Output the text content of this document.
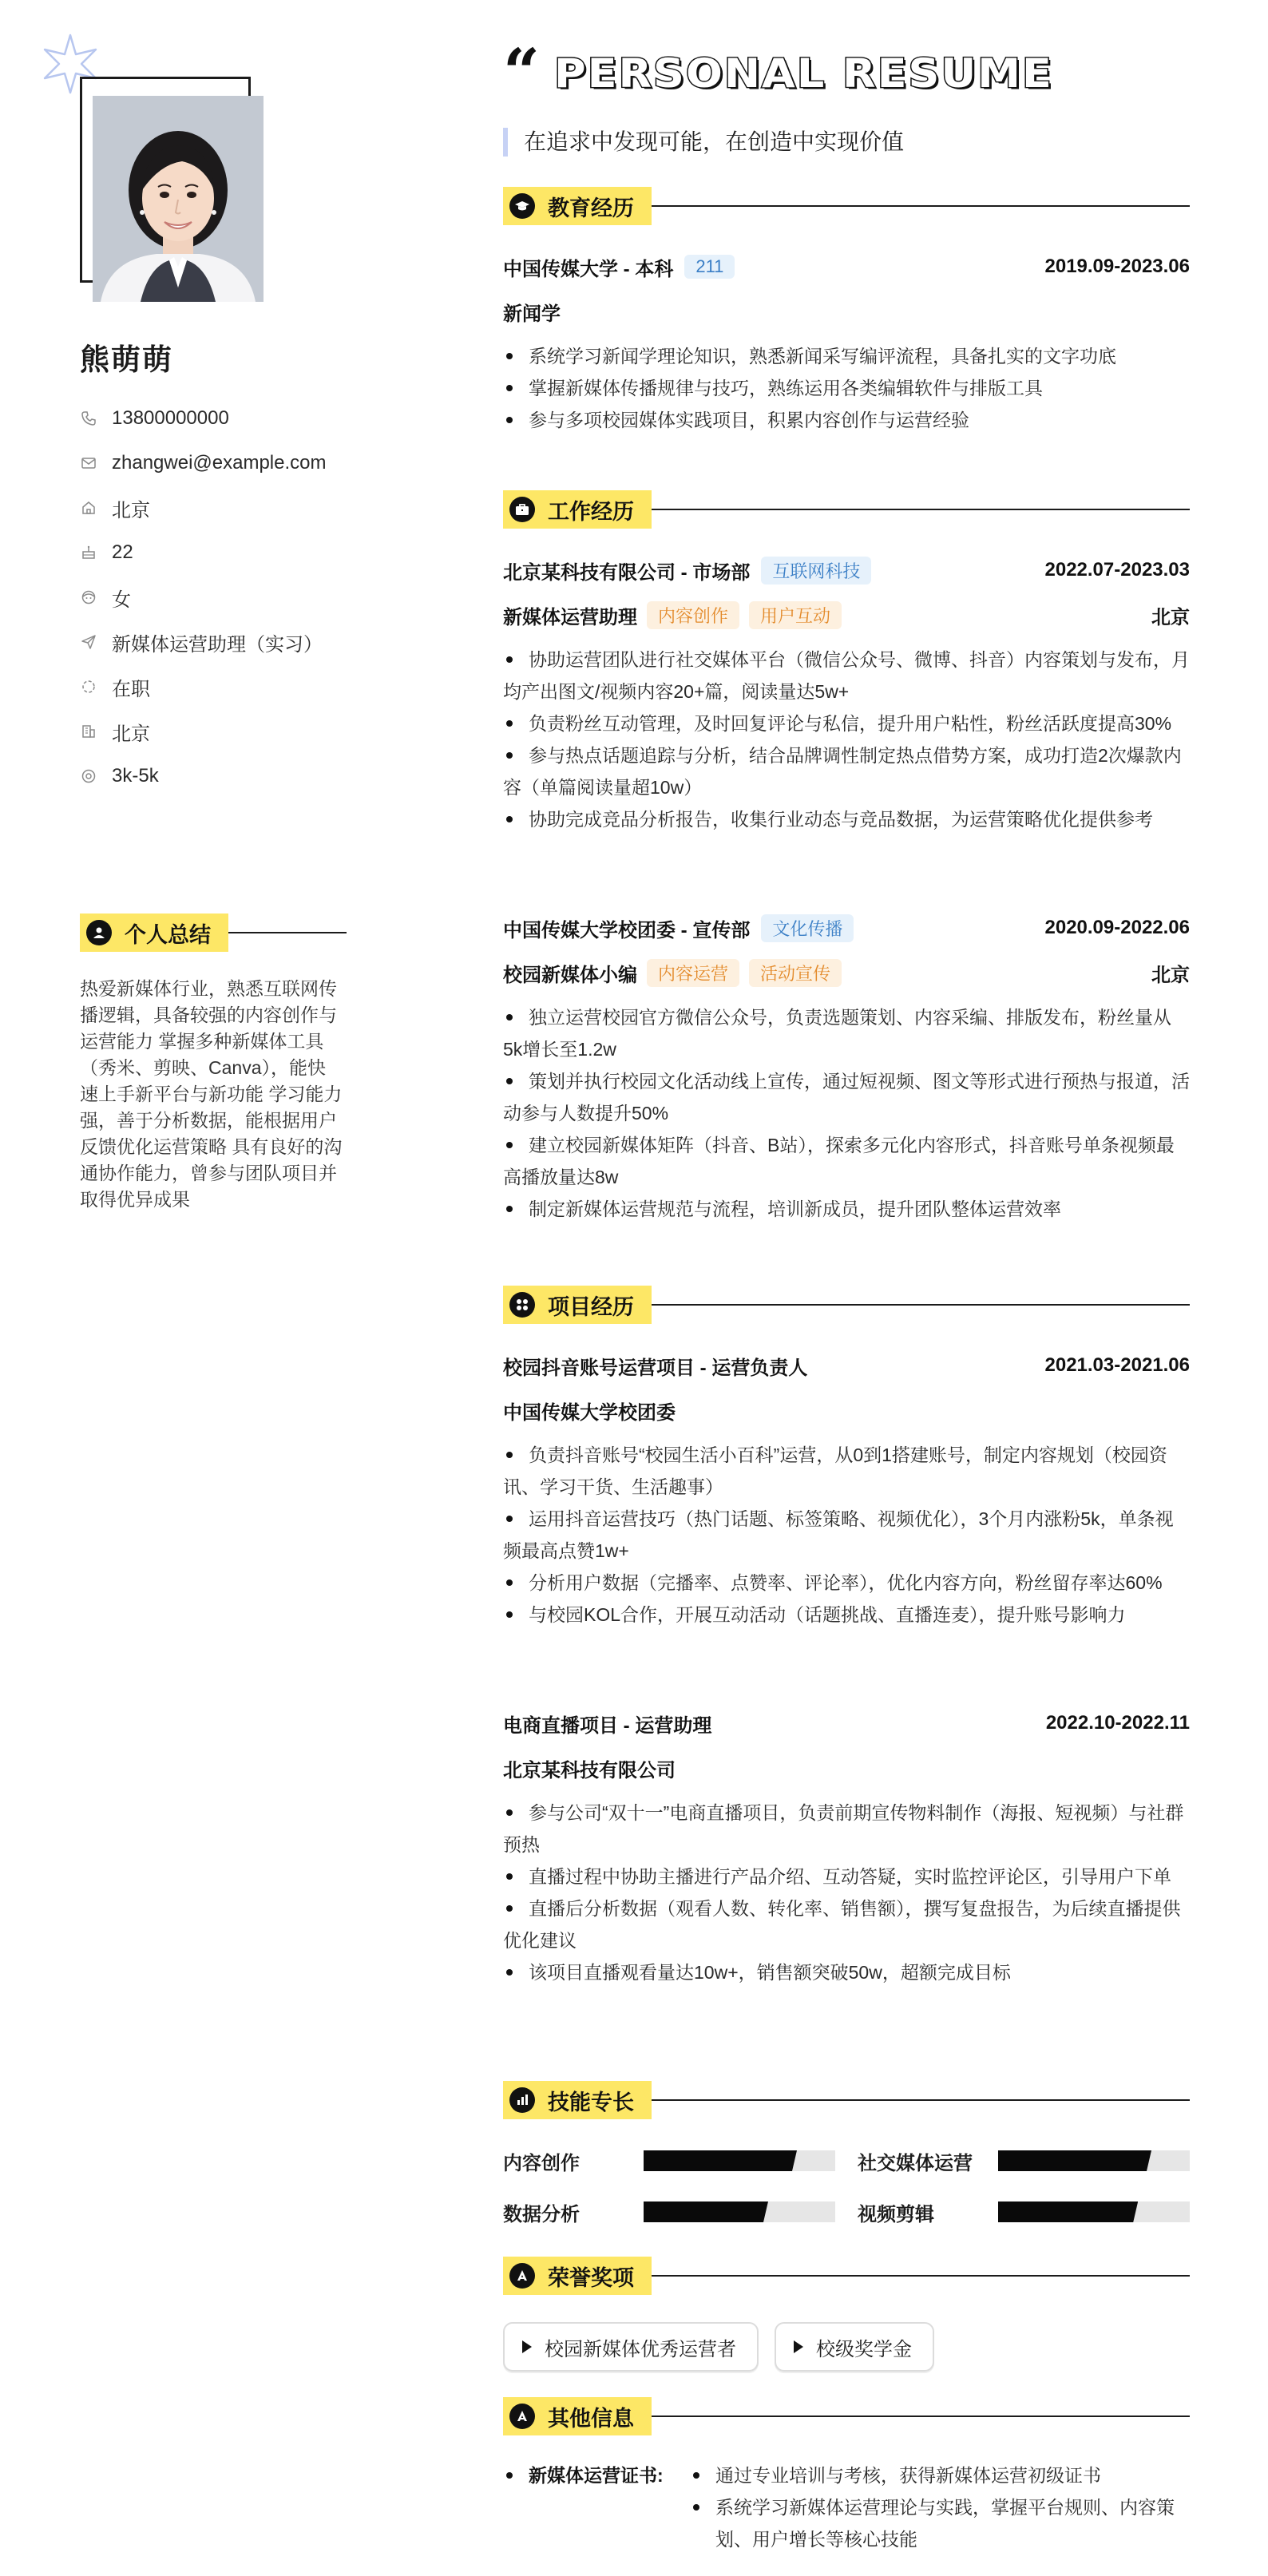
熊萌萌
13800000000
zhangwei@example.com
北京
22
女
新媒体运营助理（实习）
在职
北京
3k-5k
个人总结
热爱新媒体行业，熟悉互联网传播逻辑，具备较强的内容创作与运营能力 掌握多种新媒体工具（秀米、剪映、Canva），能快速上手新平台与新功能 学习能力强，善于分析数据，能根据用户反馈优化运营策略 具有良好的沟通协作能力，曾参与团队项目并取得优异成果
“ PERSONAL RESUME
在追求中发现可能，在创造中实现价值
教育经历
中国传媒大学 - 本科	211	2019.09-2023.06
新闻学
系统学习新闻学理论知识，熟悉新闻采写编评流程，具备扎实的文字功底
掌握新媒体传播规律与技巧，熟练运用各类编辑软件与排版工具
参与多项校园媒体实践项目，积累内容创作与运营经验
工作经历
北京某科技有限公司 - 市场部	互联网科技	2022.07-2023.03
新媒体运营助理	内容创作	用户互动	北京
协助运营团队进行社交媒体平台（微信公众号、微博、抖音）内容策划与发布，月均产出图文/视频内容20+篇，阅读量达5w+
负责粉丝互动管理，及时回复评论与私信，提升用户粘性，粉丝活跃度提高30%
参与热点话题追踪与分析，结合品牌调性制定热点借势方案，成功打造2次爆款内容（单篇阅读量超10w）
协助完成竞品分析报告，收集行业动态与竞品数据，为运营策略优化提供参考
中国传媒大学校团委 - 宣传部	文化传播	2020.09-2022.06
校园新媒体小编	内容运营	活动宣传	北京
独立运营校园官方微信公众号，负责选题策划、内容采编、排版发布，粉丝量从5k增长至1.2w
策划并执行校园文化活动线上宣传，通过短视频、图文等形式进行预热与报道，活动参与人数提升50%
建立校园新媒体矩阵（抖音、B站），探索多元化内容形式，抖音账号单条视频最高播放量达8w
制定新媒体运营规范与流程，培训新成员，提升团队整体运营效率
项目经历
校园抖音账号运营项目 - 运营负责人	2021.03-2021.06
中国传媒大学校团委
负责抖音账号“校园生活小百科”运营，从0到1搭建账号，制定内容规划（校园资讯、学习干货、生活趣事）
运用抖音运营技巧（热门话题、标签策略、视频优化），3个月内涨粉5k，单条视频最高点赞1w+
分析用户数据（完播率、点赞率、评论率），优化内容方向，粉丝留存率达60%
与校园KOL合作，开展互动活动（话题挑战、直播连麦），提升账号影响力
电商直播项目 - 运营助理	2022.10-2022.11
北京某科技有限公司
参与公司“双十一”电商直播项目，负责前期宣传物料制作（海报、短视频）与社群预热
直播过程中协助主播进行产品介绍、互动答疑，实时监控评论区，引导用户下单
直播后分析数据（观看人数、转化率、销售额），撰写复盘报告，为后续直播提供优化建议
该项目直播观看量达10w+，销售额突破50w，超额完成目标
技能专长
内容创作	社交媒体运营
数据分析	视频剪辑
荣誉奖项
校园新媒体优秀运营者	校级奖学金
其他信息
新媒体运营证书:	通过专业培训与考核，获得新媒体运营初级证书
系统学习新媒体运营理论与实践，掌握平台规则、内容策划、用户增长等核心技能
